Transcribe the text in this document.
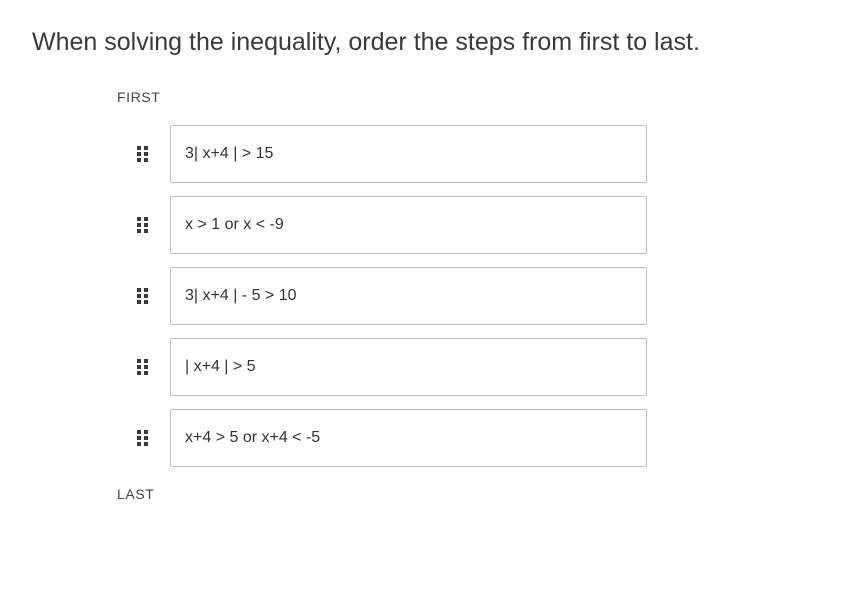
When solving the inequality, order the steps from first to last.
FIRST
3| x+4 | > 15
x > 1 or x < -9
3| x+4 | - 5 > 10
| x+4 | > 5
x+4 > 5 or x+4 < -5
LAST
